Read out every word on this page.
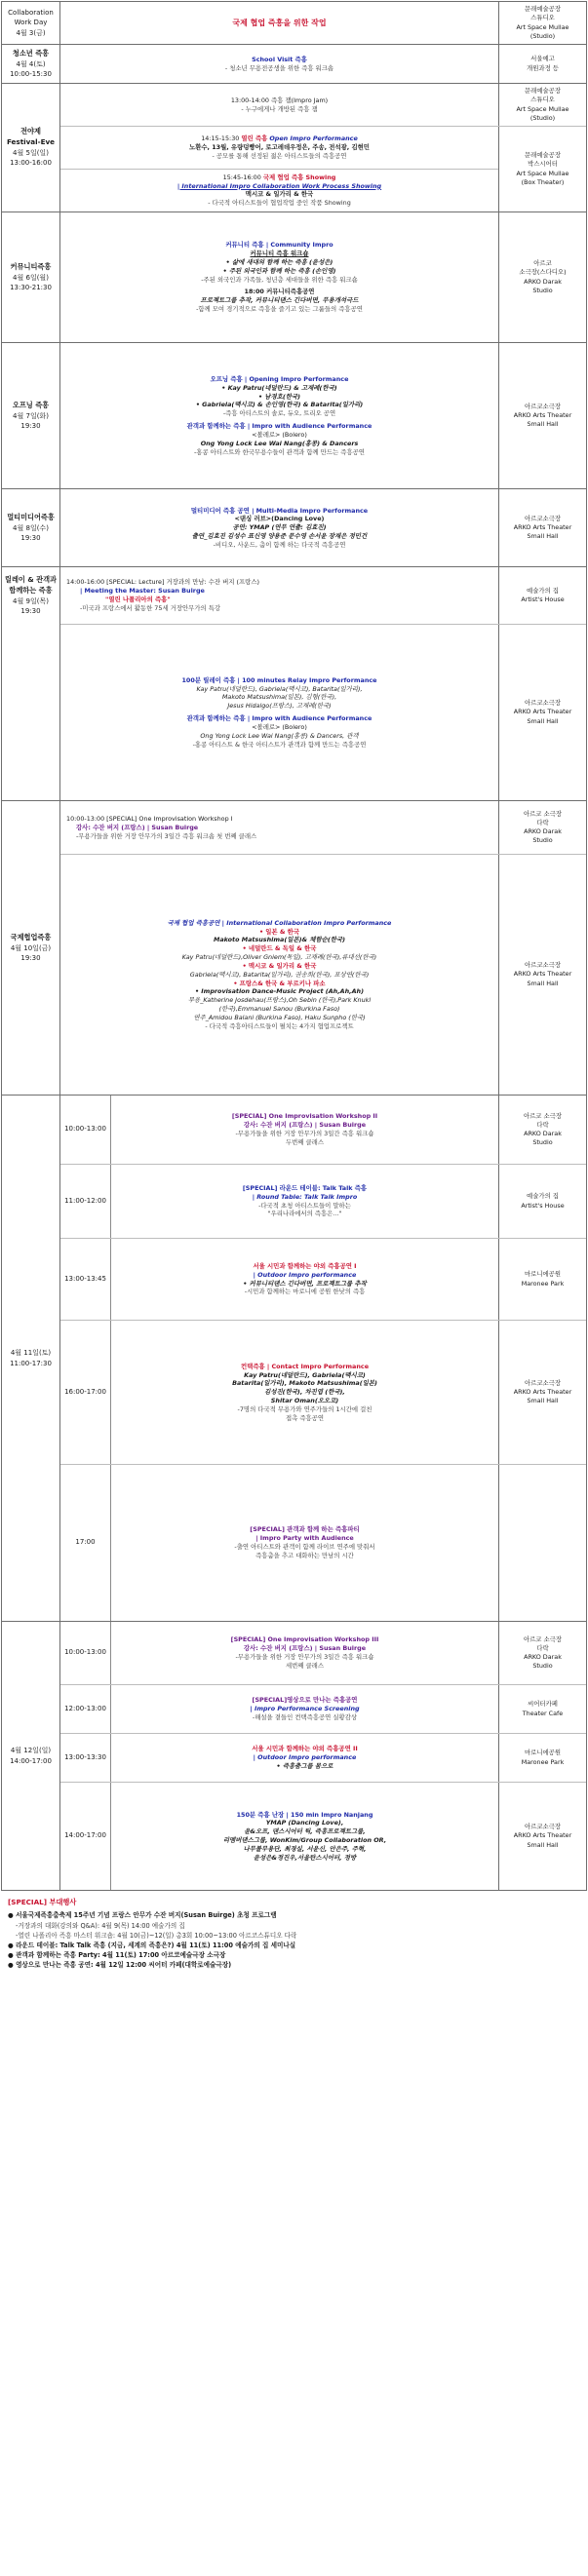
Collaboration Work Day
4월 3(금)
국제 협업 즉흥을 위한 작업
문래예술공장
스튜디오
Art Space Mullae
(Studio)
청소년 즉흥
4월 4(토)
10:00-15:30
School Visit 즉흥
- 청소년 무용전공생을 위한 즉흥 워크숍
서울예고
개원과정 등
전야제 Festival-Eve
4월 5일(일)
13:00-16:00
13:00-14:00 즉흥 잼(Impro Jam)
- 누구에게나 개방된 즉흥 잼
문래예술공장
스튜디오
Art Space Mullae
(Studio)
14:15-15:30 열린 즉흥 Open Impro Performance
노환수, 13월, 유량덩빵어, 로고레데우정은, 주송, 전석광, 김현민
- 공모를 통해 선정된 젊은 아티스트들의 즉흥공연
15:45-16:00 국제 협업 즉흥 Showing
| International Impro Collaboration Work Process Showing
맥시코 & 일가리 & 한국
- 다국적 아티스트들이 협업작업 중인 작품 Showing
문래예술공장
박스시어터
Art Space Mullae
(Box Theater)
커뮤니티즉흥
4월 6일(월)
13:30-21:30
커뮤니티 즉흥 | Community Impro
커뮤니티 즉흥 워크숍
• 삶에 새대의 함께 하는 즉흥 (윤성은)
• 주된 외국인과 함께 하는 즉흥 (손인영)
-주된 외국인과 가족들, 청년층 세대들을 위한 즉흥 워크숍
18:00 커뮤니티즉흥공연
프로젝트그룹 추작, 커뮤니티댄스 긴다버면, 무용개석극드
-함께 모여 경기적으로 즉흥을 즐기고 있는 그룹들의 즉흥공연
아르코
소극장(스다디오)
ARKO Darak
Studio
오프닝 즉흥
4월 7일(화)
19:30
오프닝 즉흥 | Opening Impro Performance
• Kay Patru(네덜란드) & 고재례(한국)
• 남경호(한국)
• Gabriela(맥시코) & 손인영(한국) & Batarita(일가리)
-즉흥 아티스트의 솔로, 듀오, 트리오 공연
관객과 함께하는 즉흥 | Impro with Audience Performance
<볼레로> (Bolero)
Ong Yong Lock Lee Wai Nang(홍콩) & Dancers
-홍콩 아티스트와 한국무용수들이 관객과 함께 만드는 즉흥공연
아르코소극장
ARKO Arts Theater
Small Hall
멀티미디어즉흥
4월 8일(수)
19:30
멀티미디어 즉흥 공연 | Multi-Media Impro Performance
<댄싱 러브>(Dancing Love)
공연: YMAP (연무 연출: 김효진)
출연_김효진 김성수 표신영 양용준 문수영 손서윤 장재은 정민건
-비디오, 사운드, 춤이 함께 하는 다국적 즉흥공연
아르코소극장
ARKO Arts Theater
Small Hall
릴레이 & 관객과 함께하는 즉흥
4월 9일(목)
19:30
14:00-16:00 [SPECIAL: Lecture] 거장과의 만남: 수잔 버지 (프랑스)
| Meeting the Master: Susan Buirge
"열린 나폴리아의 즉흥"
-미국과 프랑스에서 활동한 75세 거장안무가의 특강
예술가의 집
Artist's House
100분 릴레이 즉흥 | 100 minutes Relay Impro Performance
Kay Patru(네덜란드), Gabriela(맥시코), Batarita(일가리),
Makoto Matsushima(일본), 김형(한국),
Jesus Hidalgo(프랑스), 고재례(한국)
관객과 함께하는 즉흥 | Impro with Audience Performance
<볼레로> (Bolero)
Ong Yong Lock Lee Wai Nang(홍콩) & Dancers, 관객
-홍콩 아티스트 & 한국 아티스트가 관객과 함께 만드는 즉흥공연
아르코소극장
ARKO Arts Theater
Small Hall
국제협업즉흥
4월 10일(금)
19:30
10:00-13:00 [SPECIAL] One Improvisation Workshop I
강사: 수잔 버지 (프랑스) | Susan Buirge
-무용가들을 위한 거장 안무가의 3일간 즉흥 워크숍 첫 번째 클래스
아르코 소극장
다락
ARKO Darak
Studio
국제 협업 즉흥공연 | International Collaboration Impro Performance
• 일본 & 한국
Makoto Matsushima(일본)& 채함순(한국)
• 네덜란드 & 독일 & 한국
Kay Patru(네덜란드),Oliver Gniem(독일), 고재례(한국),류대선(한국)
• 맥시코 & 일가리 & 한국
Gabriela(맥시코), Batarita(일가리), 권송희(한국), 표상연(한국)
• 프랑스& 한국 & 부르키나 파소
• Improvisation Dance-Music Project (Ah,Ah,Ah)
무용_Katherine Josdehau(프랑스),Oh Sebin (한국),Park Knukl
(한국),Emmanuel Sanou (Burkina Faso)
연주_Amidou Balani (Burkina Faso), Haku Sunpho (한국)
- 다국적 즉흥아티스트들이 펼치는 4가지 협업프로젝트
아르코소극장
ARKO Arts Theater
Small Hall
4월 11일(토)
11:00-17:30
10:00-13:00
[SPECIAL] One Improvisation Workshop II
강사: 수잔 버지 (프랑스) | Susan Buirge
-무용가들을 위한 거장 안무가의 3일간 즉흥 워크숍
두번째 클래스
아르코 소극장
다락
ARKO Darak
Studio
11:00-12:00
[SPECIAL] 라운드 테이블: Talk Talk 즉흥
| Round Table: Talk Talk Impro
-다국적 초청 아티스트들이 말하는
"우리나라에서의 즉흥은..."
예술가의 집
Artist's House
13:00-13:45
서울 시민과 함께하는 야외 즉흥공연 I
| Outdoor Impro performance
• 커뮤니티댄스 긴다버면, 프로젝트그룹 추작
-시민과 함께하는 마로니에 공원 한낮의 즉흥
마로니에공원
Maronee Park
16:00-17:00
컨택즉흥 | Contact Impro Performance
Kay Patru(네덜란드), Gabriela(맥시코)
Batarita(일가리), Makoto Matsushima(일본)
김성진(한국), 차진엽 (한국),
Shitar Oman(오오코)
-7명의 다국적 무용가와 연주가들의 1시간에 걸친
접촉 즉흥공연
아르코소극장
ARKO Arts Theater
Small Hall
17:00
[SPECIAL] 관객과 함께 하는 즉흥파티
| Impro Party with Audience
-출연 아티스트와 관객이 함께 라이브 연주에 맞춰서
즉흥춤을 추고 대화하는 만남의 시간
4월 12일(일)
14:00-17:00
10:00-13:00
[SPECIAL] One Improvisation Workshop III
강사: 수잔 버지 (프랑스) | Susan Buirge
-무용가들을 위한 거장 안무가의 3일간 즉흥 워크숍
세번째 클래스
아르코 소극장
다락
ARKO Darak
Studio
12:00-13:00
[SPECIAL]영상으로 만나는 즉흥공연
| Impro Performance Screening
-해설을 곁들인 컨택즉흥공연 실황감상
씨어터카페
Theater Cafe
13:00-13:30
서울 시민과 함께하는 야외 즉흥공연 II
| Outdoor Impro performance
• 즉흥춤그룹 몸으로
마로니에공원
Maronee Park
14:00-17:00
150분 즉흥 난장 | 150 min Impro Nanjang
YMAP (Dancing Love),
윤&오프, 댄스시어터 틱, 즉흥프로젝트그룹,
리멤버댄스그룹, WonKim/Group Collaboration OR,
나무볼무용단, 최경실, 서윤신, 안은주, 주혁,
윤성은&정진우,서울탄스시어터, 정방
아르코소극장
ARKO Arts Theater
Small Hall
[SPECIAL] 부대행사
● 서울국제즉흥춤축제 15주년 기념 프랑스 안무가 수잔 버지(Susan Buirge) 초청 프로그램
-거장과의 대화(강의와 Q&A): 4월 9(목) 14:00 예술가의 집
-열린 나폴리아 즉흥 마스터 워크숍: 4월 10(금)~12(일) 총3회 10:00~13:00 아르코스튜디오 다락
● 라운드 테이블: Talk Talk 즉흥 (지금, 세계의 즉흥은?) 4월 11(토) 11:00 예술가의 집 세미나실
● 관객과 함께하는 즉흥 Party: 4월 11(토) 17:00 아르코예술극장 소극장
● 영상으로 만나는 즉흥 공연: 4월 12일 12:00 씨어터 카페(대학로예술극장)
